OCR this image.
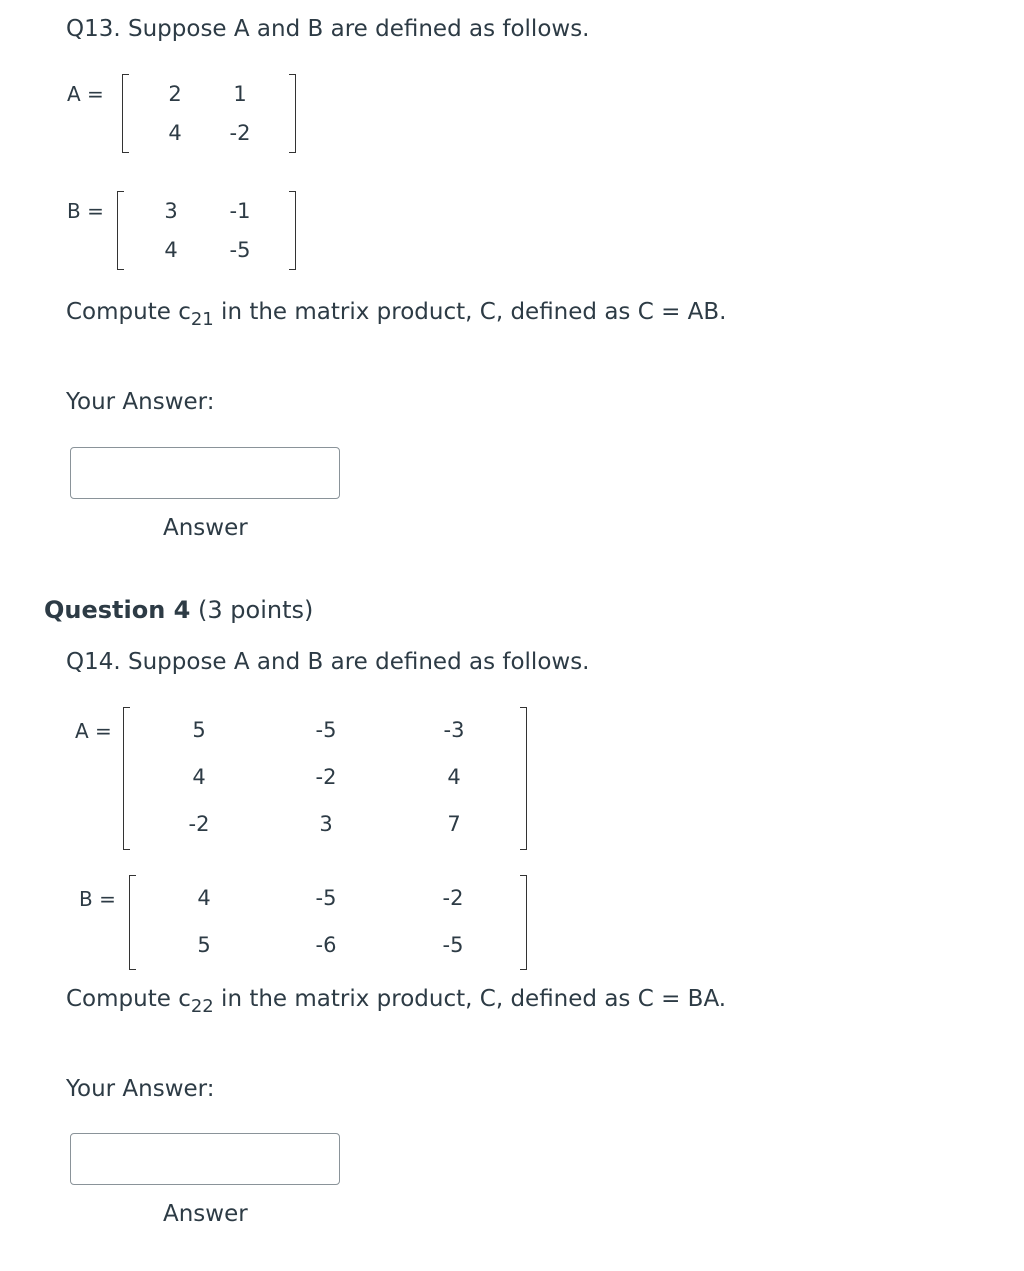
Q13. Suppose A and B are defined as follows.
A =	2	1
4	-2
B =	3	-1
4	-5
Compute $c_{21}$ in the matrix product, C, defined as C = AB.
Your Answer:
Answer
Question 4 (3 points)
Q14. Suppose A and B are defined as follows.
A =	5	-5	-3
4	-2	4
-2	3	7
B =	4	-5	-2
5	-6	-5
Compute $c_{22}$ in the matrix product, C, defined as C = BA.
Your Answer:
Answer
